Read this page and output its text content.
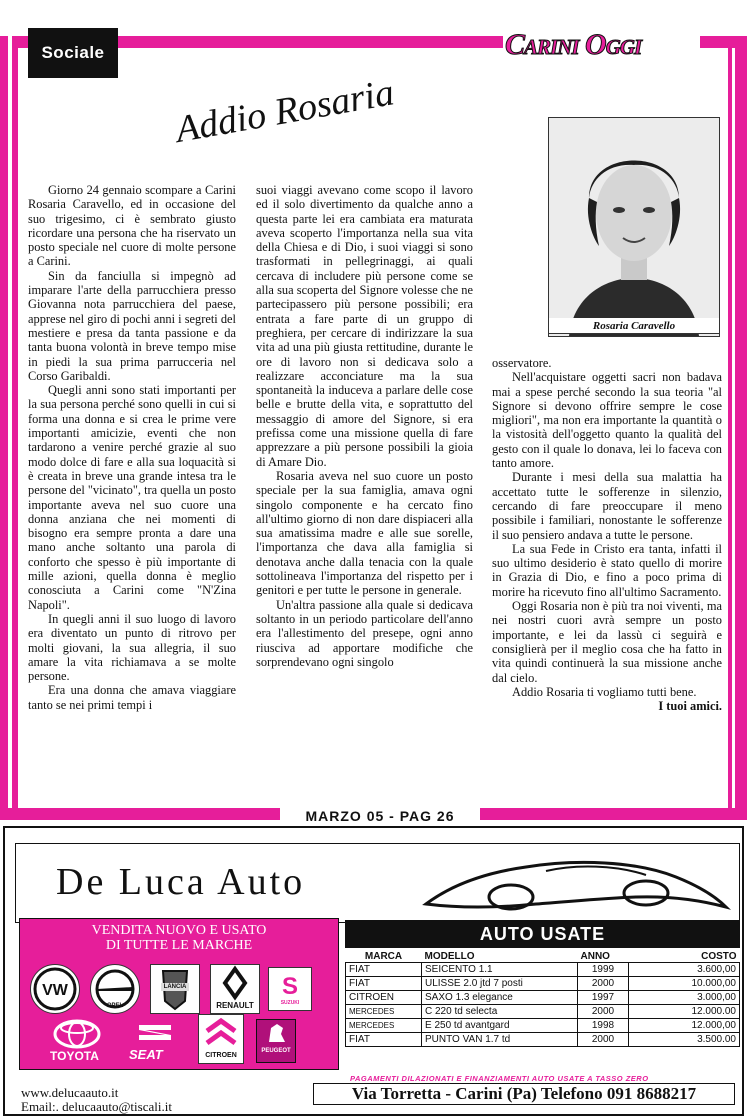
Sociale	Carini Oggi
Addio Rosaria
Rosaria Caravello

Giorno 24 gennaio scompare a Carini Rosaria Caravello, ed in occasione del suo trigesimo, ci è sembrato giusto ricordare una persona che ha riservato un posto speciale nel cuore di molte persone a Carini.

Sin da fanciulla si impegnò ad imparare l'arte della parrucchiera presso Giovanna nota parrucchiera del paese, apprese nel giro di pochi anni i segreti del mestiere e presa da tanta passione e da tanta buona volontà in breve tempo mise in piedi la sua prima parrucceria nel Corso Garibaldi.

Quegli anni sono stati importanti per la sua persona perché sono quelli in cui si forma una donna e si crea le prime vere importanti amicizie, eventi che non tardarono a venire perché grazie al suo modo dolce di fare e alla sua loquacità si è creata in breve una grande intesa tra le persone del "vicinato", tra quella un posto importante aveva nel suo cuore una donna anziana che nei momenti di bisogno era sempre pronta a dare una mano anche soltanto una parola di conforto che spesso è più importante di mille azioni, quella donna è meglio conosciuta a Carini come "N'Zina Napoli".

In quegli anni il suo luogo di lavoro era diventato un punto di ritrovo per molti giovani, la sua allegria, il suo amare la vita richiamava a se molte persone.

Era una donna che amava viaggiare tanto se nei primi tempi i

suoi viaggi avevano come scopo il lavoro ed il solo divertimento da qualche anno a questa parte lei era cambiata era maturata aveva scoperto l'importanza nella sua vita della Chiesa e di Dio, i suoi viaggi si sono trasformati in pellegrinaggi, ai quali cercava di includere più persone come se alla sua scoperta del Signore volesse che ne partecipassero più persone possibili; era entrata a fare parte di un gruppo di preghiera, per cercare di indirizzare la sua vita ad una più giusta rettitudine, durante le ore di lavoro non si dedicava solo a realizzare acconciature ma la sua spontaneità la induceva a parlare delle cose belle e brutte della vita, e soprattutto del messaggio di amore del Signore, si era prefissa come una missione quella di fare apprezzare a più persone possibili la gioia di Amare Dio.

Rosaria aveva nel suo cuore un posto speciale per la sua famiglia, amava ogni singolo componente e ha cercato fino all'ultimo giorno di non dare dispiaceri alla sua amatissima madre e alle sue sorelle, l'importanza che dava alla famiglia si denotava anche dalla tenacia con la quale sottolineava l'importanza del rispetto per i genitori e per tutte le persone in generale.

Un'altra passione alla quale si dedicava soltanto in un periodo particolare dell'anno era l'allestimento del presepe, ogni anno riusciva ad apportare modifiche che sorprendevano ogni singolo

osservatore.

Nell'acquistare oggetti sacri non badava mai a spese perché secondo la sua teoria "al Signore si devono offrire sempre le cose migliori", ma non era importante la quantità o la vistosità dell'oggetto quanto la qualità del gesto con il quale lo donava, lei lo faceva con tanto amore.

Durante i mesi della sua malattia ha accettato tutte le sofferenze in silenzio, cercando di fare preoccupare il meno possibile i familiari, nonostante le sofferenze il suo pensiero andava a tutte le persone.

La sua Fede in Cristo era tanta, infatti il suo ultimo desiderio è stato quello di morire in Grazia di Dio, e fino a poco prima di morire ha ricevuto fino all'ultimo Sacramento.

Oggi Rosaria non è più tra noi viventi, ma nei nostri cuori avrà sempre un posto importante, e lei da lassù ci seguirà e consiglierà per il meglio cosa che ha fatto in vita quindi continuerà la sua missione anche dal cielo.

Addio Rosaria ti vogliamo tutti bene.

I tuoi amici.

MARZO 05 - PAG 26
De Luca Auto
VENDITA NUOVO E USATO
DI TUTTE LE MARCHE
VW
OPEL
LANCIA
RENAULT
S
SUZUKI
TOYOTA SEAT	CITROEN
PEUGEOT
AUTO USATE
MARCA	MODELLO	ANNO	COSTO
FIAT	SEICENTO 1.1	1999	3.600,00
FIAT	ULISSE 2.0 jtd 7 posti	2000	10.000,00
CITROEN	SAXO 1.3 elegance	1997	3.000,00
MERCEDES	C 220 td selecta	2000	12.000.00
MERCEDES	E 250 td avantgard	1998	12.000,00
FIAT	PUNTO VAN 1.7 td	2000	3.500.00
PAGAMENTI DILAZIONATI E FINANZIAMENTI AUTO USATE A TASSO ZERO
www.delucaauto.it
Email:. delucaauto@tiscali.it
Via Torretta - Carini (Pa) Telefono 091 8688217
